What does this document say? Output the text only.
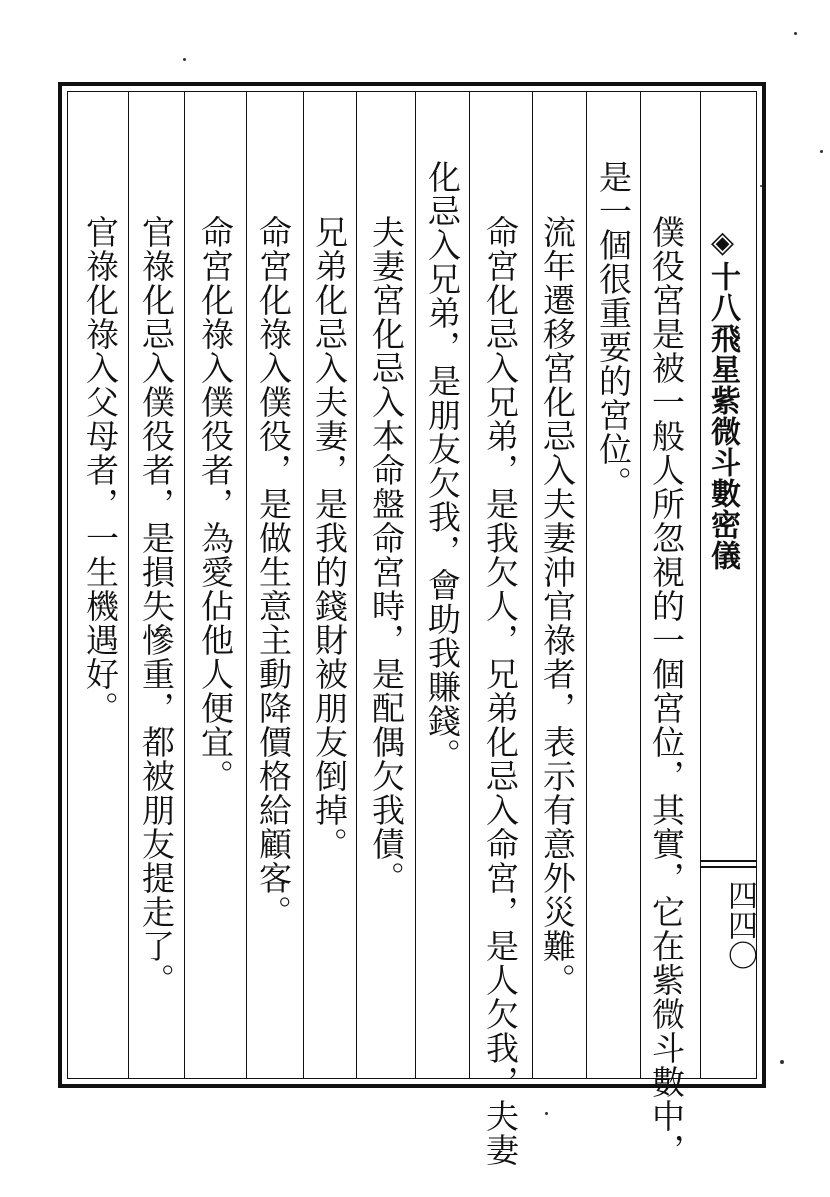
◈十八飛星紫微斗數密儀
四四〇
僕役宮是被一般人所忽視的一個宮位，其實，它在紫微斗數中，
是一個很重要的宮位。
流年遷移宮化忌入夫妻沖官祿者，表示有意外災難。
命宮化忌入兄弟，是我欠人，兄弟化忌入命宮，是人欠我，夫妻
化忌入兄弟，是朋友欠我，會助我賺錢。
夫妻宮化忌入本命盤命宮時，是配偶欠我債。
兄弟化忌入夫妻，是我的錢財被朋友倒掉。
命宮化祿入僕役，是做生意主動降價格給顧客。
命宮化祿入僕役者，為愛佔他人便宜。
官祿化忌入僕役者，是損失慘重，都被朋友提走了。
官祿化祿入父母者，一生機遇好。
